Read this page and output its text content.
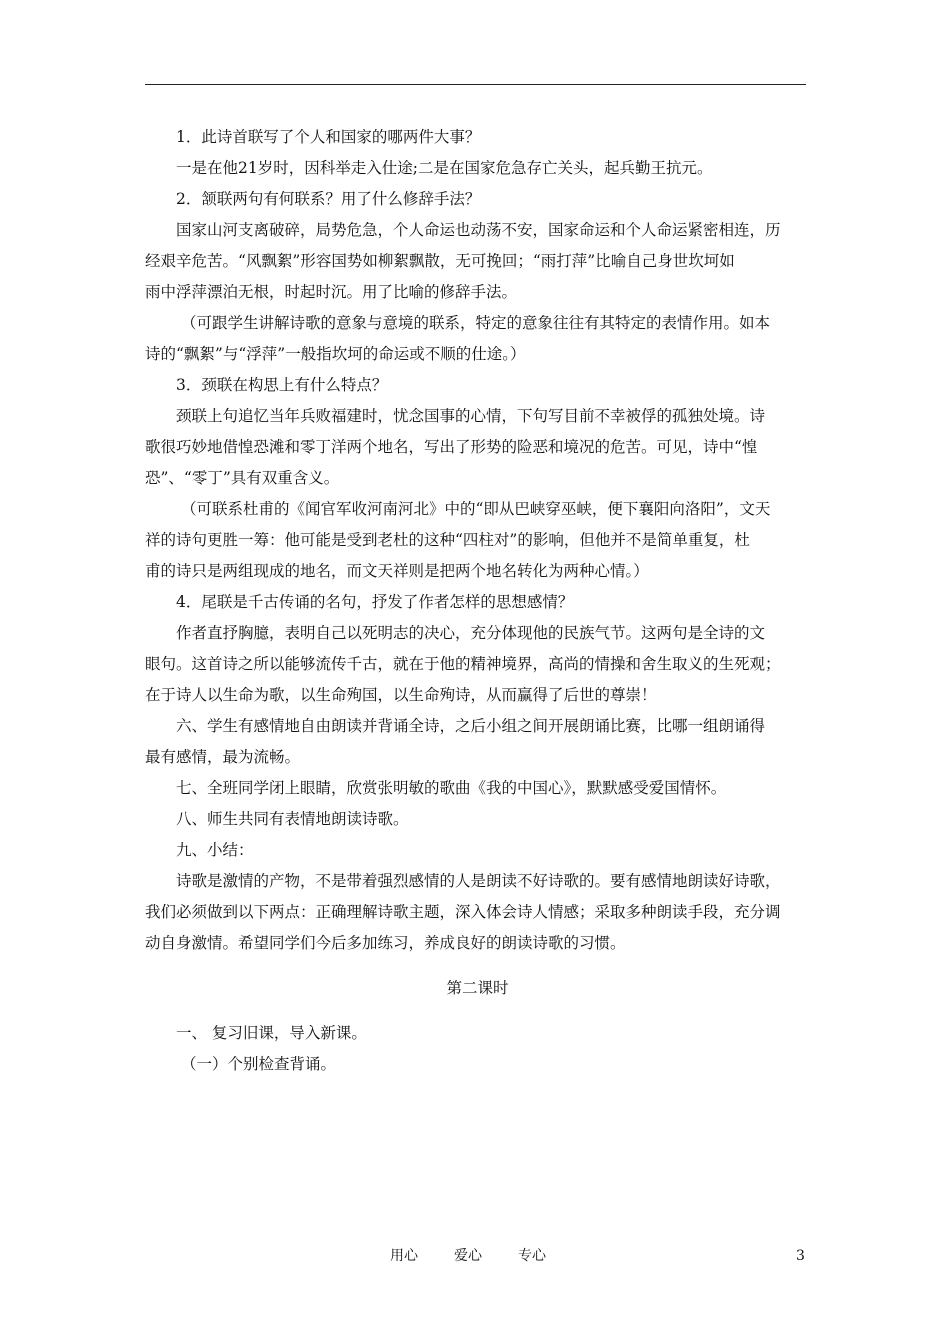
1．此诗首联写了个人和国家的哪两件大事？

一是在他21岁时，因科举走入仕途;二是在国家危急存亡关头，起兵勤王抗元。

2．颔联两句有何联系？用了什么修辞手法？

国家山河支离破碎，局势危急，个人命运也动荡不安，国家命运和个人命运紧密相连，历

经艰辛危苦。“风飘絮”形容国势如柳絮飘散，无可挽回；“雨打萍”比喻自己身世坎坷如

雨中浮萍漂泊无根，时起时沉。用了比喻的修辞手法。

（可跟学生讲解诗歌的意象与意境的联系，特定的意象往往有其特定的表情作用。如本

诗的“飘絮”与“浮萍”一般指坎坷的命运或不顺的仕途。）

3．颈联在构思上有什么特点？

颈联上句追忆当年兵败福建时，忧念国事的心情，下句写目前不幸被俘的孤独处境。诗

歌很巧妙地借惶恐滩和零丁洋两个地名，写出了形势的险恶和境况的危苦。可见，诗中“惶

恐”、“零丁”具有双重含义。

（可联系杜甫的《闻官军收河南河北》中的“即从巴峡穿巫峡，便下襄阳向洛阳”，文天

祥的诗句更胜一筹：他可能是受到老杜的这种“四柱对”的影响，但他并不是简单重复，杜

甫的诗只是两组现成的地名，而文天祥则是把两个地名转化为两种心情。）

4．尾联是千古传诵的名句，抒发了作者怎样的思想感情？

作者直抒胸臆，表明自己以死明志的决心，充分体现他的民族气节。这两句是全诗的文

眼句。这首诗之所以能够流传千古，就在于他的精神境界，高尚的情操和舍生取义的生死观；

在于诗人以生命为歌，以生命殉国，以生命殉诗，从而赢得了后世的尊崇！

六、学生有感情地自由朗读并背诵全诗，之后小组之间开展朗诵比赛，比哪一组朗诵得

最有感情，最为流畅。

七、全班同学闭上眼睛，欣赏张明敏的歌曲《我的中国心》，默默感受爱国情怀。

八、师生共同有表情地朗读诗歌。

九、小结：

诗歌是激情的产物，不是带着强烈感情的人是朗读不好诗歌的。要有感情地朗读好诗歌，

我们必须做到以下两点：正确理解诗歌主题，深入体会诗人情感；采取多种朗读手段，充分调

动自身激情。希望同学们今后多加练习，养成良好的朗读诗歌的习惯。

第二课时

一、 复习旧课，导入新课。

（一）个别检查背诵。

用心	爱心	专心	3
